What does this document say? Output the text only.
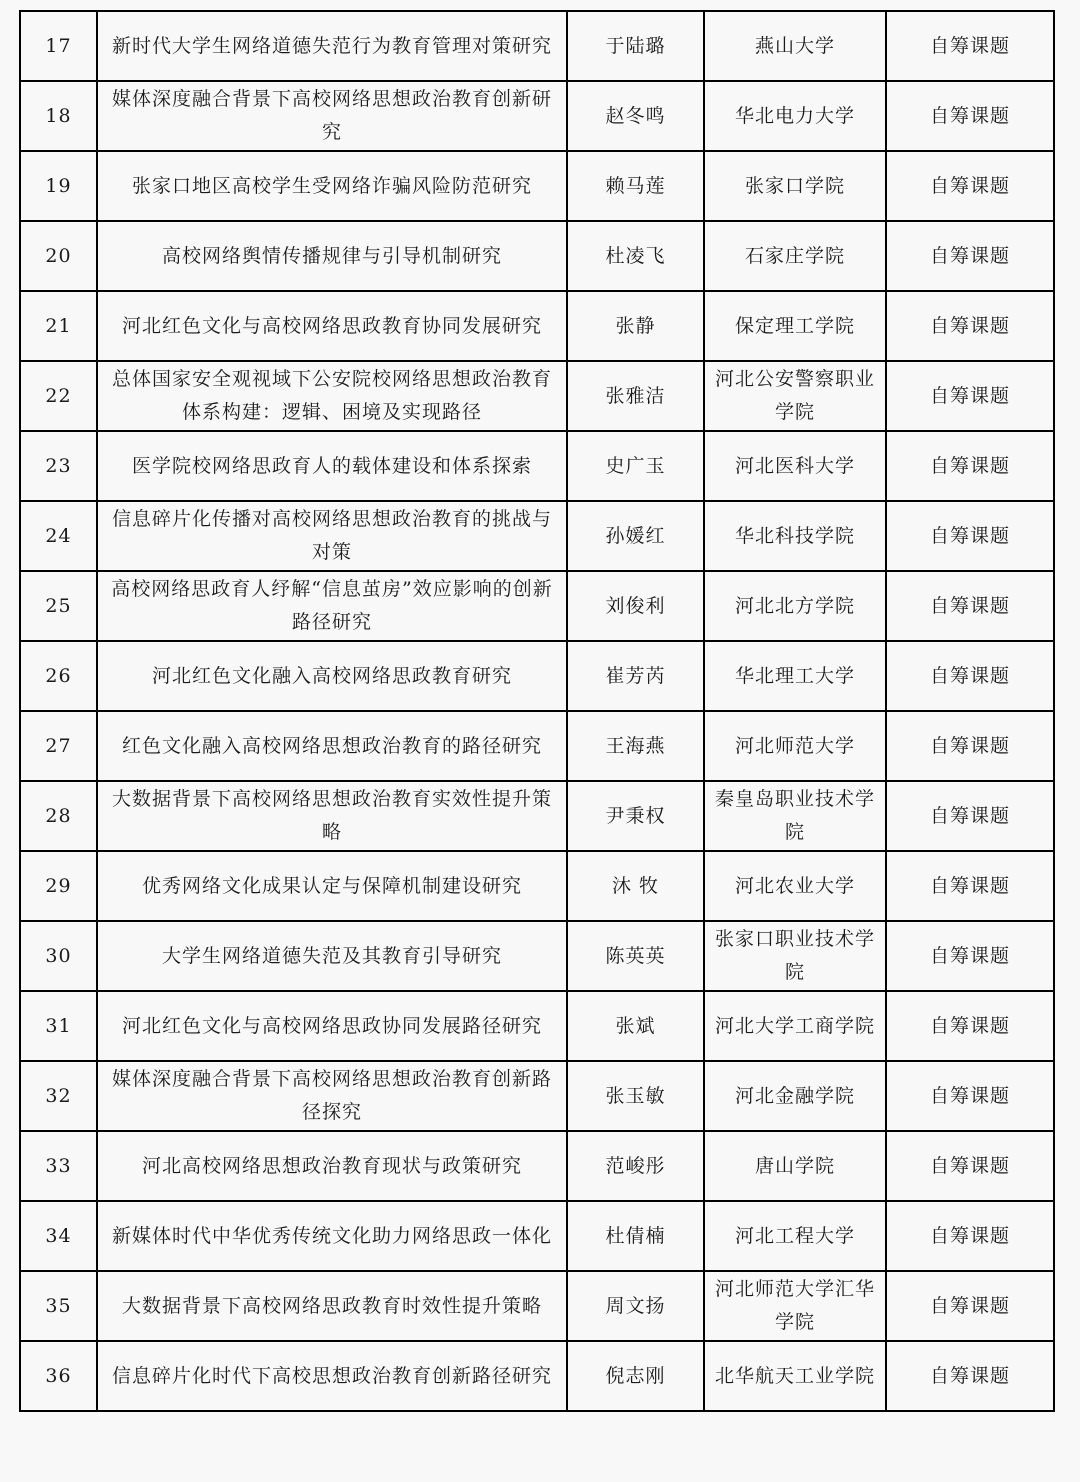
17	新时代大学生网络道德失范行为教育管理对策研究	于陆璐	燕山大学	自筹课题
18	媒体深度融合背景下高校网络思想政治教育创新研究	赵冬鸣	华北电力大学	自筹课题
19	张家口地区高校学生受网络诈骗风险防范研究	赖马莲	张家口学院	自筹课题
20	高校网络舆情传播规律与引导机制研究	杜凌飞	石家庄学院	自筹课题
21	河北红色文化与高校网络思政教育协同发展研究	张静	保定理工学院	自筹课题
22	总体国家安全观视域下公安院校网络思想政治教育体系构建：逻辑、困境及实现路径	张雅洁	河北公安警察职业学院	自筹课题
23	医学院校网络思政育人的载体建设和体系探索	史广玉	河北医科大学	自筹课题
24	信息碎片化传播对高校网络思想政治教育的挑战与对策	孙媛红	华北科技学院	自筹课题
25	高校网络思政育人纾解“信息茧房”效应影响的创新路径研究	刘俊利	河北北方学院	自筹课题
26	河北红色文化融入高校网络思政教育研究	崔芳芮	华北理工大学	自筹课题
27	红色文化融入高校网络思想政治教育的路径研究	王海燕	河北师范大学	自筹课题
28	大数据背景下高校网络思想政治教育实效性提升策略	尹秉权	秦皇岛职业技术学院	自筹课题
29	优秀网络文化成果认定与保障机制建设研究	沐 牧	河北农业大学	自筹课题
30	大学生网络道德失范及其教育引导研究	陈英英	张家口职业技术学院	自筹课题
31	河北红色文化与高校网络思政协同发展路径研究	张斌	河北大学工商学院	自筹课题
32	媒体深度融合背景下高校网络思想政治教育创新路径探究	张玉敏	河北金融学院	自筹课题
33	河北高校网络思想政治教育现状与政策研究	范峻彤	唐山学院	自筹课题
34	新媒体时代中华优秀传统文化助力网络思政一体化	杜倩楠	河北工程大学	自筹课题
35	大数据背景下高校网络思政教育时效性提升策略	周文扬	河北师范大学汇华学院	自筹课题
36	信息碎片化时代下高校思想政治教育创新路径研究	倪志刚	北华航天工业学院	自筹课题
